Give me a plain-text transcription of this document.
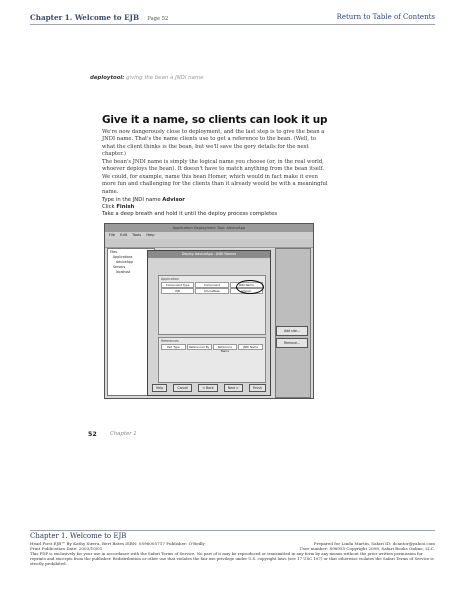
Chapter 1. Welcome to EJB Page 52	Return to Table of Contents
deploytool: giving the bean a JNDI name
Give it a name, so clients can look it up
We're now dangerously close to deployment, and the last step is to give the bean a JNDI name. That's the name clients use to get a reference to the bean. (Well, to what the client thinks is the bean, but we'll save the gory details for the next chapter.)
The bean's JNDI name is simply the logical name you choose (or, in the real world, whoever deploys the bean). It doesn't have to match anything from the bean itself. We could, for example, name this bean Homer, which would in fact make it even more fun and challenging for the clients than it already would be with a meaningful name.
Type in the JNDI name Advisor
Click Finish
Take a deep breath and hold it until the deploy process completes
Application Deployment Tool: AdviceApp
File Edit Tools Help
Files
Applications
AdviceApp
Servers
localhost
Deploy AdviceApp - JNDI Names
Application
Component Type	Component	JNDI Name
EJB	AdviceBean	Advisor
References
Ref. Type	Referenced By	Reference Name
JNDI Name
Help	Cancel	< Back	Next >	Finish
Add site...
Remove...
52 Chapter 1
Chapter 1. Welcome to EJB
Head First EJB™ By Kathy Sierra, Bert Bates ISBN: 0596005717 Publisher: O'Reilly
Print Publication Date: 2003/10/01
Prepared for Linda Martin, Safari ID: dcantor@yahoo.com
User number: 898955 Copyright 2008, Safari Books Online, LLC.
This PDF is exclusively for your use in accordance with the Safari Terms of Service. No part of it may be reproduced or transmitted in any form by any means without the prior written permission for reprints and excerpts from the publisher. Redistribution or other use that violates the fair use privilege under U.S. copyright laws (see 17 USC 107) or that otherwise violates the Safari Terms of Service is strictly prohibited.
